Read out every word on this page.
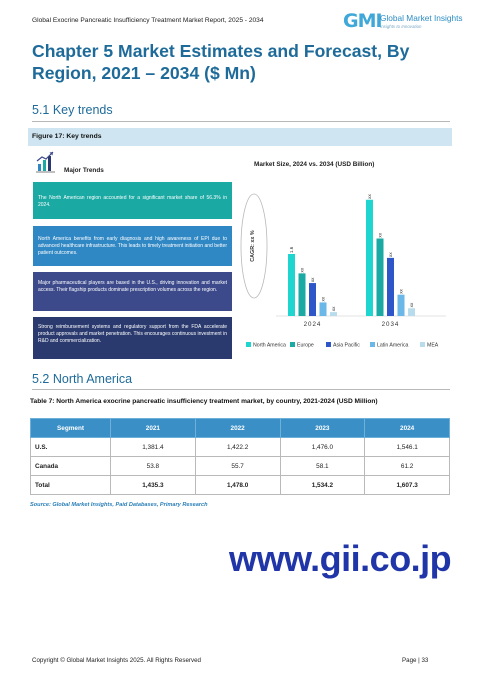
Global Exocrine Pancreatic Insufficiency Treatment Market Report, 2025 - 2034	GMI
Global Market Insights
Insights to Innovation
Chapter 5 Market Estimates and Forecast, By Region, 2021 – 2034 ($ Mn)
5.1 Key trends
Figure 17: Key trends
Major Trends
The North American region accounted for a significant market share of 56.3% in 2024.
North America benefits from early diagnosis and high awareness of EPI due to advanced healthcare infrastructure. This leads to timely treatment initiation and better patient outcomes.
Major pharmaceutical players are based in the U.S., driving innovation and market access. Their flagship products dominate prescription volumes across the region.
Strong reimbursement systems and regulatory support from the FDA accelerate product approvals and market penetration. This encourages continuous investment in R&D and commercialization.
Market Size, 2024 vs. 2034 (USD Billion)
CAGR: xx %	1.6
xx
xx
xx
xx
2024
xx
xx
xx
xx
xx
2034
North America Europe	Asia Pacific	Latin America	MEA
5.2 North America
Table 7: North America exocrine pancreatic insufficiency treatment market, by country, 2021-2024 (USD Million)
Segment	2021	2022	2023	2024
U.S.	1,381.4	1,422.2	1,476.0	1,546.1
Canada	53.8	55.7	58.1	61.2
Total	1,435.3	1,478.0	1,534.2	1,607.3
Source: Global Market Insights, Paid Databases, Primary Research
www.gii.co.jp
Copyright © Global Market Insights 2025. All Rights Reserved	Page | 33
